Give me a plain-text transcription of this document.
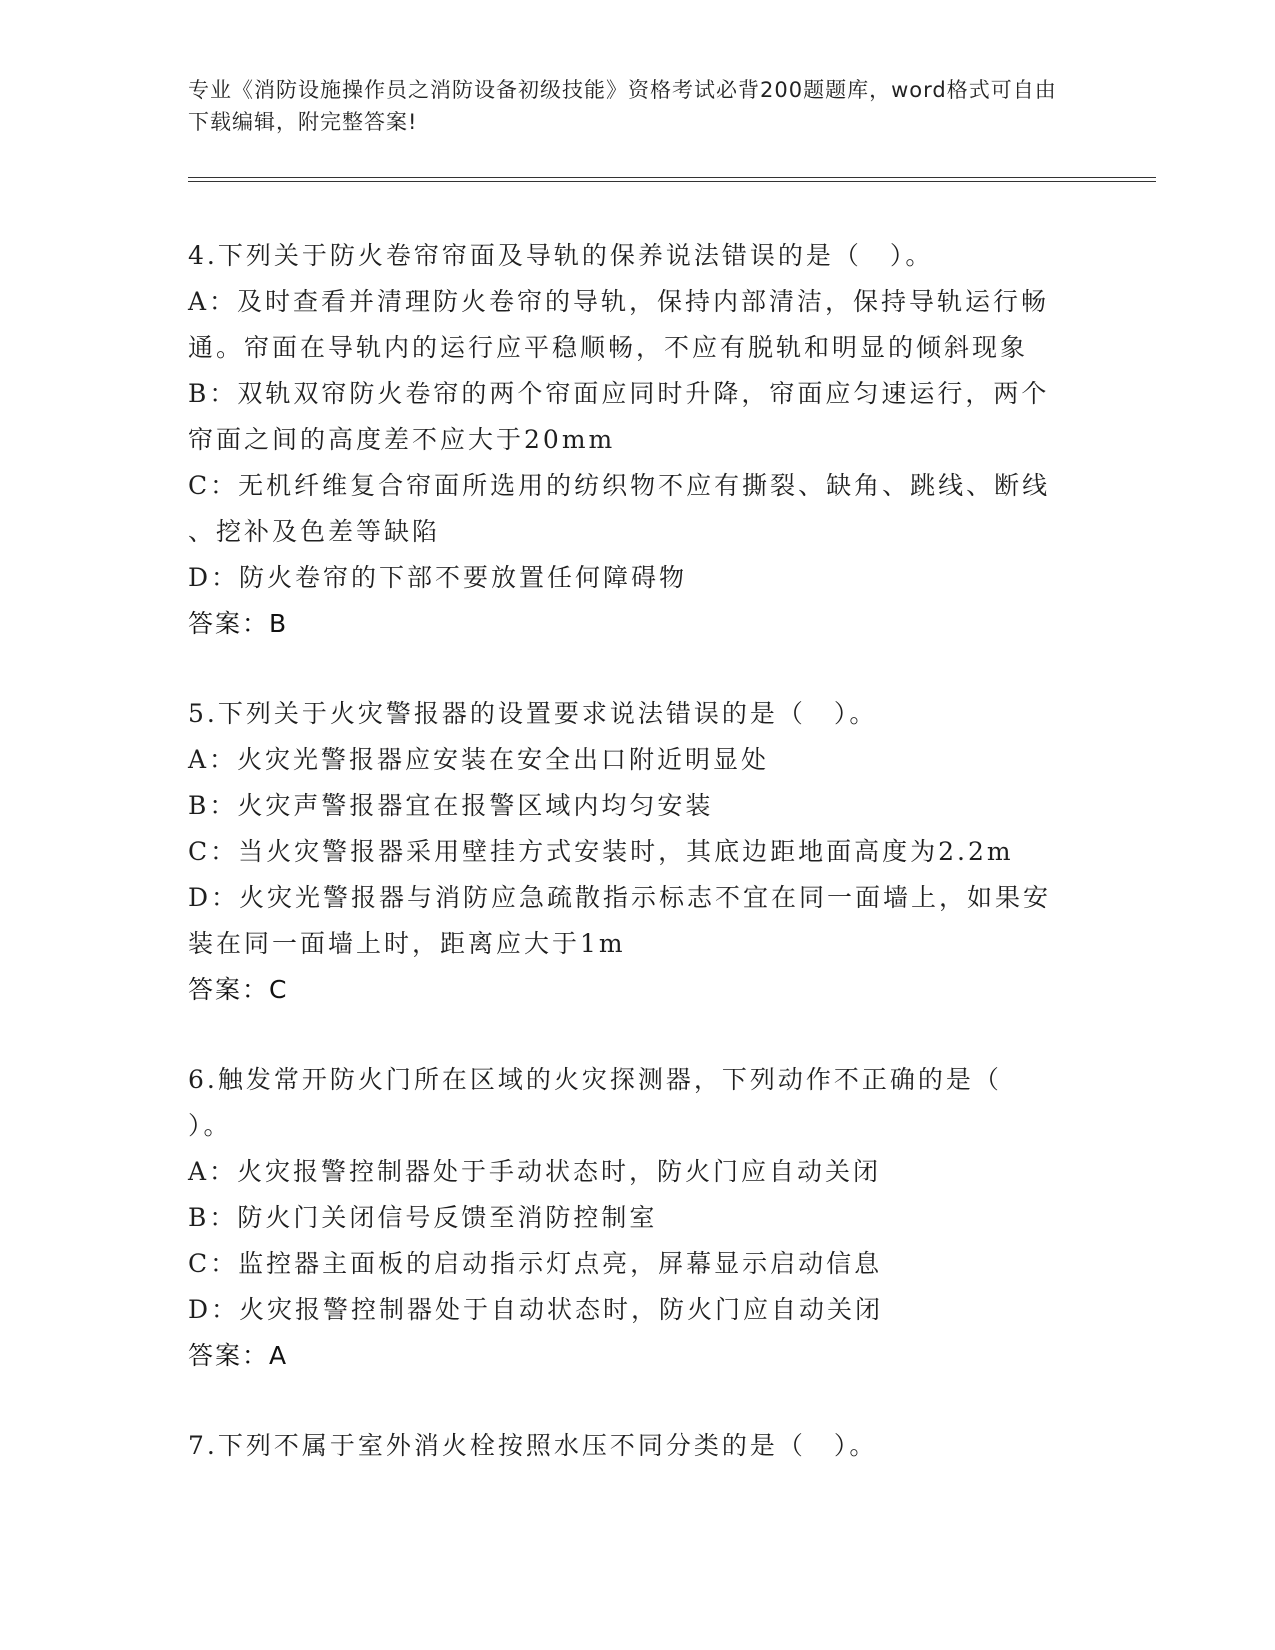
专业《消防设施操作员之消防设备初级技能》资格考试必背200题题库，word格式可自由下载编辑，附完整答案!
4.下列关于防火卷帘帘面及导轨的保养说法错误的是（　）。
A：及时查看并清理防火卷帘的导轨，保持内部清洁，保持导轨运行畅
通。帘面在导轨内的运行应平稳顺畅，不应有脱轨和明显的倾斜现象
B：双轨双帘防火卷帘的两个帘面应同时升降，帘面应匀速运行，两个
帘面之间的高度差不应大于20mm
C：无机纤维复合帘面所选用的纺织物不应有撕裂、缺角、跳线、断线
、挖补及色差等缺陷
D：防火卷帘的下部不要放置任何障碍物
答案：B
5.下列关于火灾警报器的设置要求说法错误的是（　）。
A：火灾光警报器应安装在安全出口附近明显处
B：火灾声警报器宜在报警区域内均匀安装
C：当火灾警报器采用壁挂方式安装时，其底边距地面高度为2.2m
D：火灾光警报器与消防应急疏散指示标志不宜在同一面墙上，如果安
装在同一面墙上时，距离应大于1m
答案：C
6.触发常开防火门所在区域的火灾探测器，下列动作不正确的是（
）。
A：火灾报警控制器处于手动状态时，防火门应自动关闭
B：防火门关闭信号反馈至消防控制室
C：监控器主面板的启动指示灯点亮，屏幕显示启动信息
D：火灾报警控制器处于自动状态时，防火门应自动关闭
答案：A
7.下列不属于室外消火栓按照水压不同分类的是（　）。
